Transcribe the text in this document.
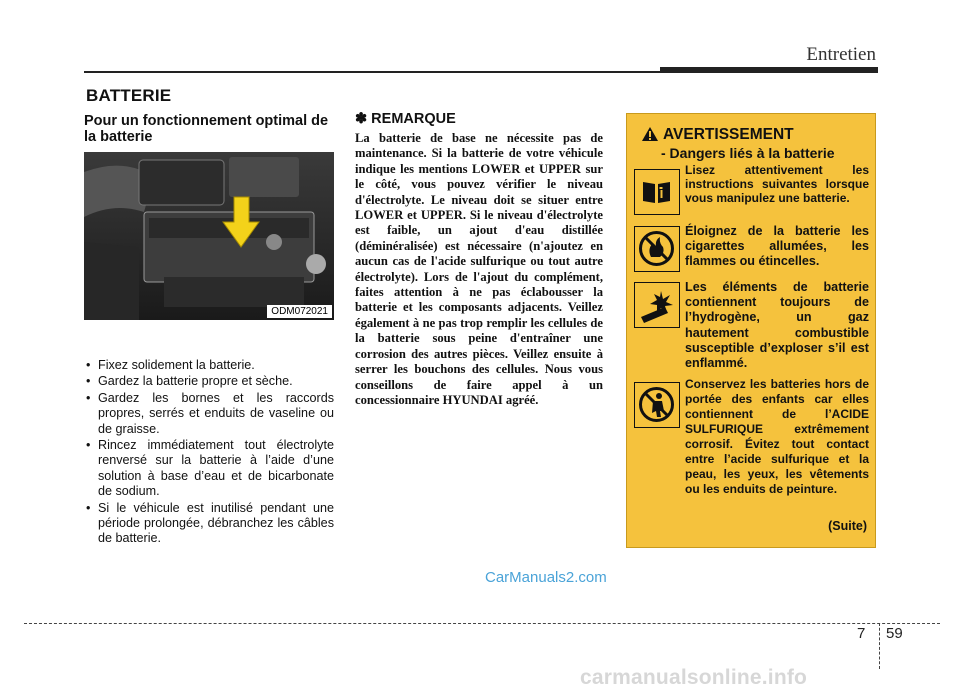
Entretien
BATTERIE
Pour un fonctionnement optimal de la batterie
ODM072021
• Fixez solidement la batterie.
• Gardez la batterie propre et sèche.
• Gardez les bornes et les raccords propres, serrés et enduits de vaseline ou de graisse.
• Rincez immédiatement tout électrolyte renversé sur la batterie à l’aide d’une solution à base d’eau et de bicarbonate de sodium.
• Si le véhicule est inutilisé pendant une période prolongée, débranchez les câbles de batterie.
✽ REMARQUE
La batterie de base ne nécessite pas de maintenance. Si la batterie de votre véhicule indique les mentions LOWER et UPPER sur le côté, vous pouvez vérifier le niveau d'électrolyte. Le niveau doit se situer entre LOWER et UPPER. Si le niveau d'électrolyte est faible, un ajout d'eau distillée (déminéralisée) est nécessaire (n'ajoutez en aucun cas de l'acide sulfurique ou tout autre électrolyte). Lors de l'ajout du complément, faites attention à ne pas éclabousser la batterie et les composants adjacents. Veillez également à ne pas trop remplir les cellules de la batterie sous peine d'entraîner une corrosion des autres pièces. Veillez ensuite à serrer les bouchons des cellules. Nous vous conseillons de faire appel à un concessionnaire HYUNDAI agréé.
AVERTISSEMENT
- Dangers liés à la batterie
Lisez attentivement les instructions suivantes lorsque vous manipulez une batterie.
Éloignez de la batterie les cigarettes allumées, les flammes ou étincelles.
Les éléments de batterie contiennent toujours de l’hydrogène, un gaz hautement combustible susceptible d’exploser s’il est enflammé.
Conservez les batteries hors de portée des enfants car elles contiennent de l’ACIDE SULFURIQUE extrêmement corrosif. Évitez tout contact entre l’acide sulfurique et la peau, les yeux, les vêtements ou les enduits de peinture.
(Suite)
CarManuals2.com
7 59
carmanualsonline.info
